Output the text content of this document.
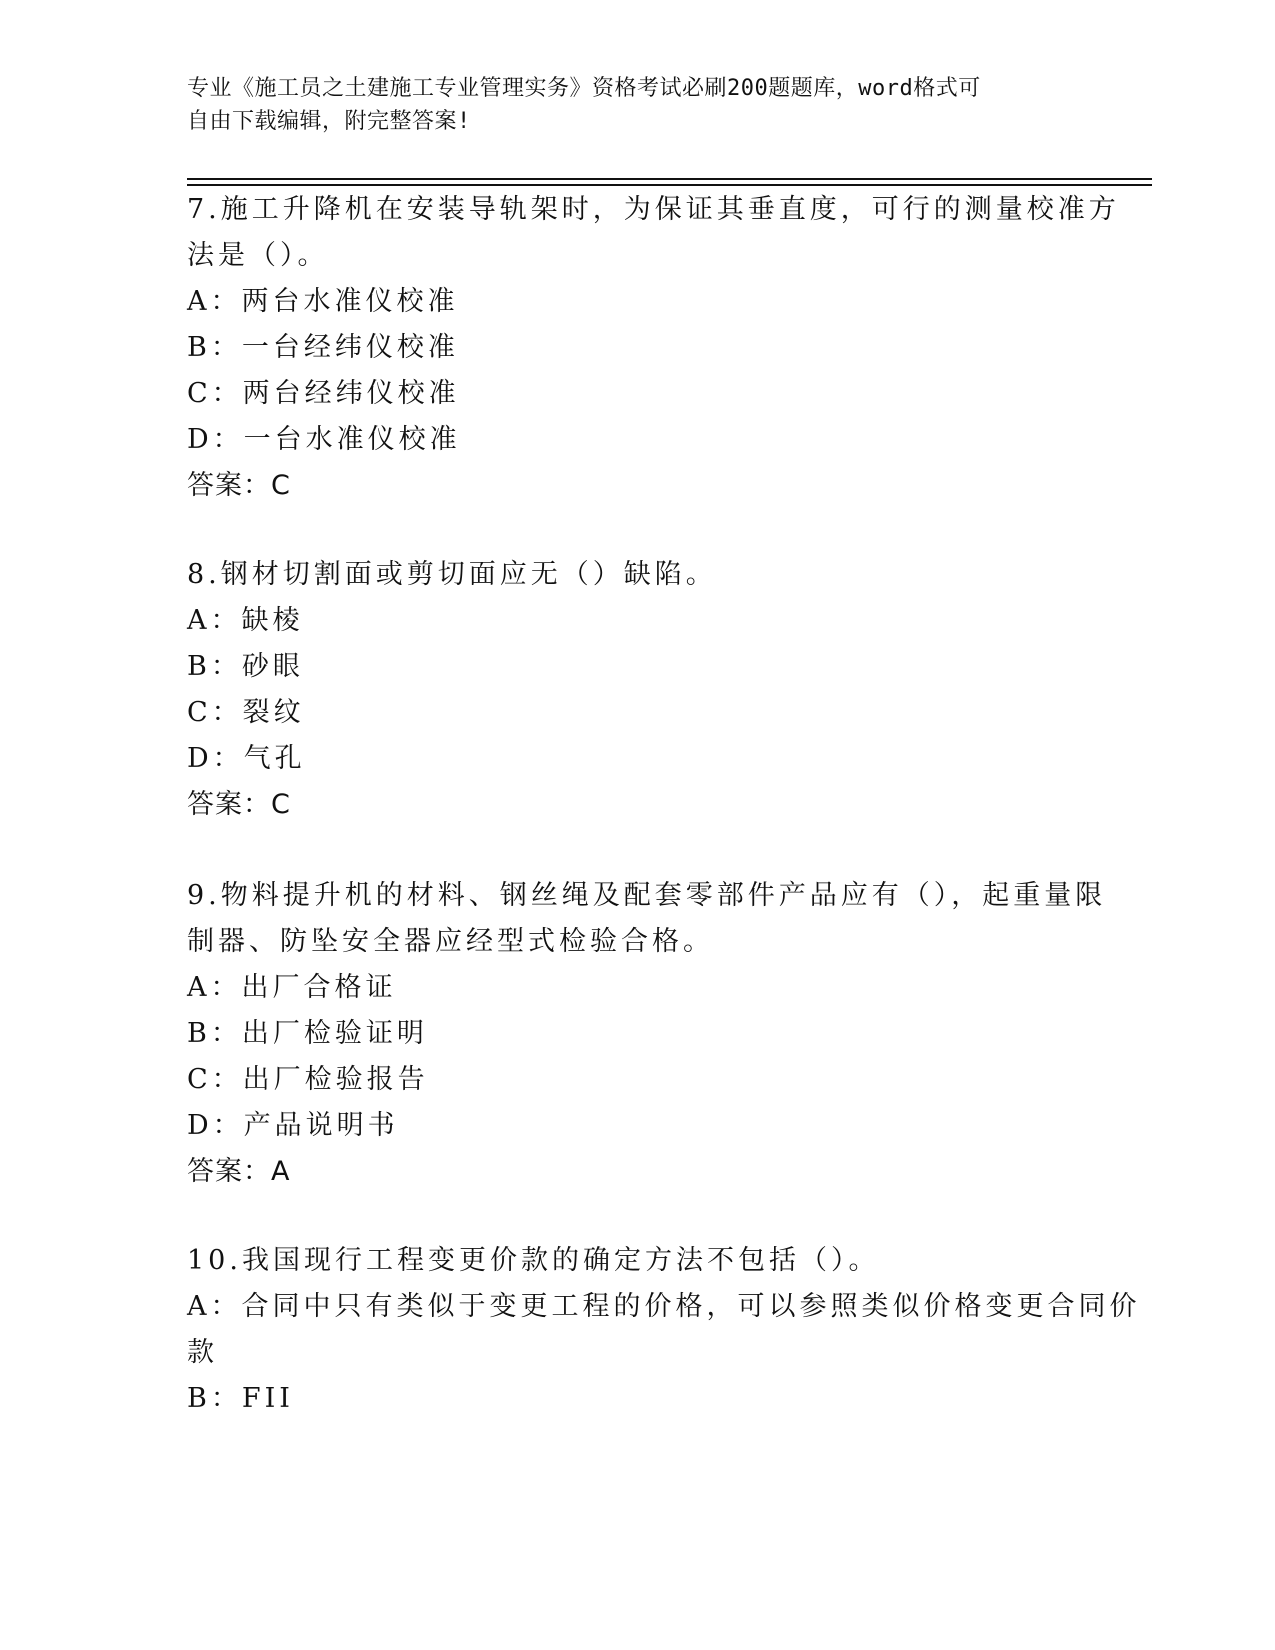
专业《施工员之土建施工专业管理实务》资格考试必刷200题题库，word格式可

自由下载编辑，附完整答案!

7.施工升降机在安装导轨架时，为保证其垂直度，可行的测量校准方
法是（）。
A：两台水准仪校准
B：一台经纬仪校准
C：两台经纬仪校准
D：一台水准仪校准
答案：C
8.钢材切割面或剪切面应无（）缺陷。
A：缺棱
B：砂眼
C：裂纹
D：气孔
答案：C
9.物料提升机的材料、钢丝绳及配套零部件产品应有（），起重量限
制器、防坠安全器应经型式检验合格。
A：出厂合格证
B：出厂检验证明
C：出厂检验报告
D：产品说明书
答案：A
10.我国现行工程变更价款的确定方法不包括（）。
A：合同中只有类似于变更工程的价格，可以参照类似价格变更合同价
款
B：FII
